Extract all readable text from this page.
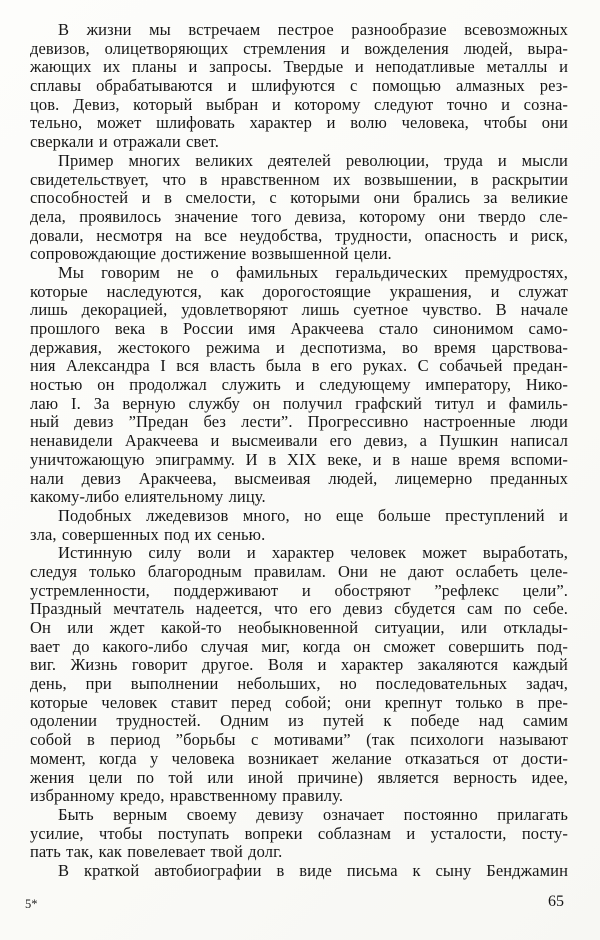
В жизни мы встречаем пестрое разнообразие всевозможных
девизов, олицетворяющих стремления и вожделения людей, выра-
жающих их планы и запросы. Твердые и неподатливые металлы и
сплавы обрабатываются и шлифуются с помощью алмазных рез-
цов. Девиз, который выбран и которому следуют точно и созна-
тельно, может шлифовать характер и волю человека, чтобы они
сверкали и отражали свет.
Пример многих великих деятелей революции, труда и мысли
свидетельствует, что в нравственном их возвышении, в раскрытии
способностей и в смелости, с которыми они брались за великие
дела, проявилось значение того девиза, которому они твердо сле-
довали, несмотря на все неудобства, трудности, опасность и риск,
сопровождающие достижение возвышенной цели.
Мы говорим не о фамильных геральдических премудростях,
которые наследуются, как дорогостоящие украшения, и служат
лишь декорацией, удовлетворяют лишь суетное чувство. В начале
прошлого века в России имя Аракчеева стало синонимом само-
державия, жестокого режима и деспотизма, во время царствова-
ния Александра I вся власть была в его руках. С собачьей предан-
ностью он продолжал служить и следующему императору, Нико-
лаю I. За верную службу он получил графский титул и фамиль-
ный девиз ”Предан без лести”. Прогрессивно настроенные люди
ненавидели Аракчеева и высмеивали его девиз, а Пушкин написал
уничтожающую эпиграмму. И в XIX веке, и в наше время вспоми-
нали девиз Аракчеева, высмеивая людей, лицемерно преданных
какому-либо елиятельному лицу.
Подобных лжедевизов много, но еще больше преступлений и
зла, совершенных под их сенью.
Истинную силу воли и характер человек может выработать,
следуя только благородным правилам. Они не дают ослабеть целе-
устремленности, поддерживают и обостряют ”рефлекс цели”.
Праздный мечтатель надеется, что его девиз сбудется сам по себе.
Он или ждет какой-то необыкновенной ситуации, или отклады-
вает до какого-либо случая миг, когда он сможет совершить под-
виг. Жизнь говорит другое. Воля и характер закаляются каждый
день, при выполнении небольших, но последовательных задач,
которые человек ставит перед собой; они крепнут только в пре-
одолении трудностей. Одним из путей к победе над самим
собой в период ”борьбы с мотивами” (так психологи называют
момент, когда у человека возникает желание отказаться от дости-
жения цели по той или иной причине) является верность идее,
избранному кредо, нравственному правилу.
Быть верным своему девизу означает постоянно прилагать
усилие, чтобы поступать вопреки соблазнам и усталости, посту-
пать так, как повелевает твой долг.
В краткой автобиографии в виде письма к сыну Бенджамин
5*	65
